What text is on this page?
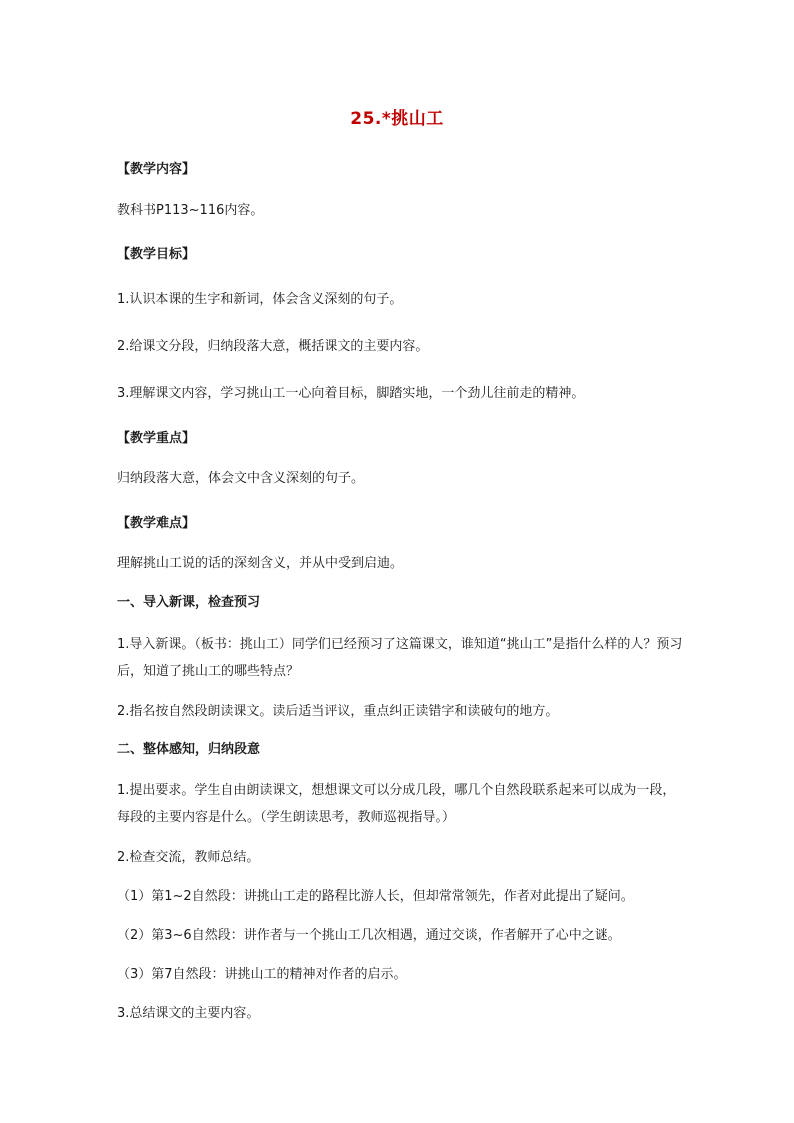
25.*挑山工
【教学内容】
教科书P113~116内容。
【教学目标】
1.认识本课的生字和新词，体会含义深刻的句子。
2.给课文分段，归纳段落大意，概括课文的主要内容。
3.理解课文内容，学习挑山工一心向着目标，脚踏实地，一个劲儿往前走的精神。
【教学重点】
归纳段落大意，体会文中含义深刻的句子。
【教学难点】
理解挑山工说的话的深刻含义，并从中受到启迪。
一、导入新课，检查预习
1.导入新课。（板书：挑山工）同学们已经预习了这篇课文，谁知道“挑山工”是指什么样的人？预习后，知道了挑山工的哪些特点？
2.指名按自然段朗读课文。读后适当评议，重点纠正读错字和读破句的地方。
二、整体感知，归纳段意
1.提出要求。学生自由朗读课文，想想课文可以分成几段，哪几个自然段联系起来可以成为一段，每段的主要内容是什么。（学生朗读思考，教师巡视指导。）
2.检查交流，教师总结。
（1）第1~2自然段：讲挑山工走的路程比游人长，但却常常领先，作者对此提出了疑问。
（2）第3~6自然段：讲作者与一个挑山工几次相遇，通过交谈，作者解开了心中之谜。
（3）第7自然段：讲挑山工的精神对作者的启示。
3.总结课文的主要内容。
